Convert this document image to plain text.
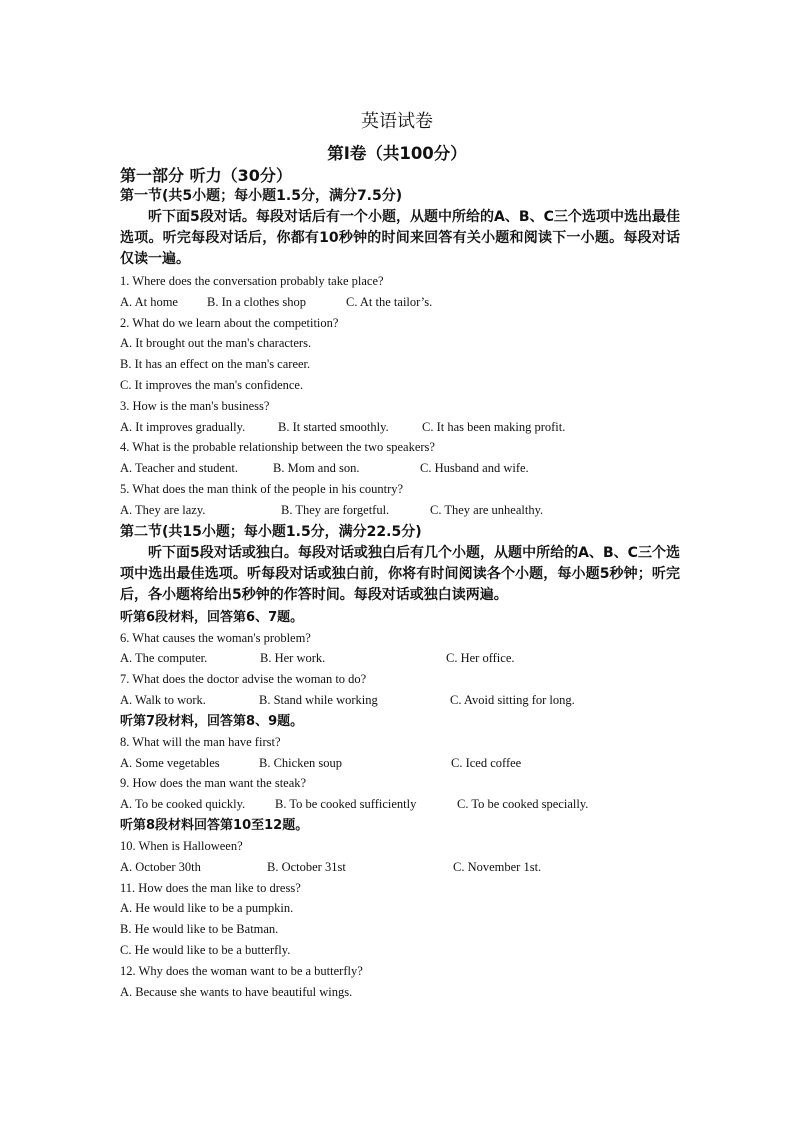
英语试卷
第Ⅰ卷（共100分）
第一部分 听力（30分）
第一节(共5小题；每小题1.5分，满分7.5分)

听下面5段对话。每段对话后有一个小题，从题中所给的A、B、C三个选项中选出最佳选项。听完每段对话后，你都有10秒钟的时间来回答有关小题和阅读下一小题。每段对话仅读一遍。

1. Where does the conversation probably take place?
A. At home B. In a clothes shop	C. At the tailor’s.
2. What do we learn about the competition?
A. It brought out the man's characters.
B. It has an effect on the man's career.
C. It improves the man's confidence.
3. How is the man's business?
A. It improves gradually.	B. It started smoothly.	C. It has been making profit.
4. What is the probable relationship between the two speakers?
A. Teacher and student.	B. Mom and son.	C. Husband and wife.
5. What does the man think of the people in his country?
A. They are lazy.	B. They are forgetful.	C. They are unhealthy.
第二节(共15小题；每小题1.5分，满分22.5分)

听下面5段对话或独白。每段对话或独白后有几个小题，从题中所给的A、B、C三个选项中选出最佳选项。听每段对话或独白前，你将有时间阅读各个小题，每小题5秒钟；听完后，各小题将给出5秒钟的作答时间。每段对话或独白读两遍。

听第6段材料，回答第6、7题。
6. What causes the woman's problem?
A. The computer.	B. Her work.	C. Her office.
7. What does the doctor advise the woman to do?
A. Walk to work.	B. Stand while working	C. Avoid sitting for long.
听第7段材料，回答第8、9题。
8. What will the man have first?
A. Some vegetables	B. Chicken soup	C. Iced coffee
9. How does the man want the steak?
A. To be cooked quickly. B. To be cooked sufficiently	C. To be cooked specially.
听第8段材料回答第10至12题。
10. When is Halloween?
A. October 30th	B. October 31st	C. November 1st.
11. How does the man like to dress?
A. He would like to be a pumpkin.
B. He would like to be Batman.
C. He would like to be a butterfly.
12. Why does the woman want to be a butterfly?
A. Because she wants to have beautiful wings.
